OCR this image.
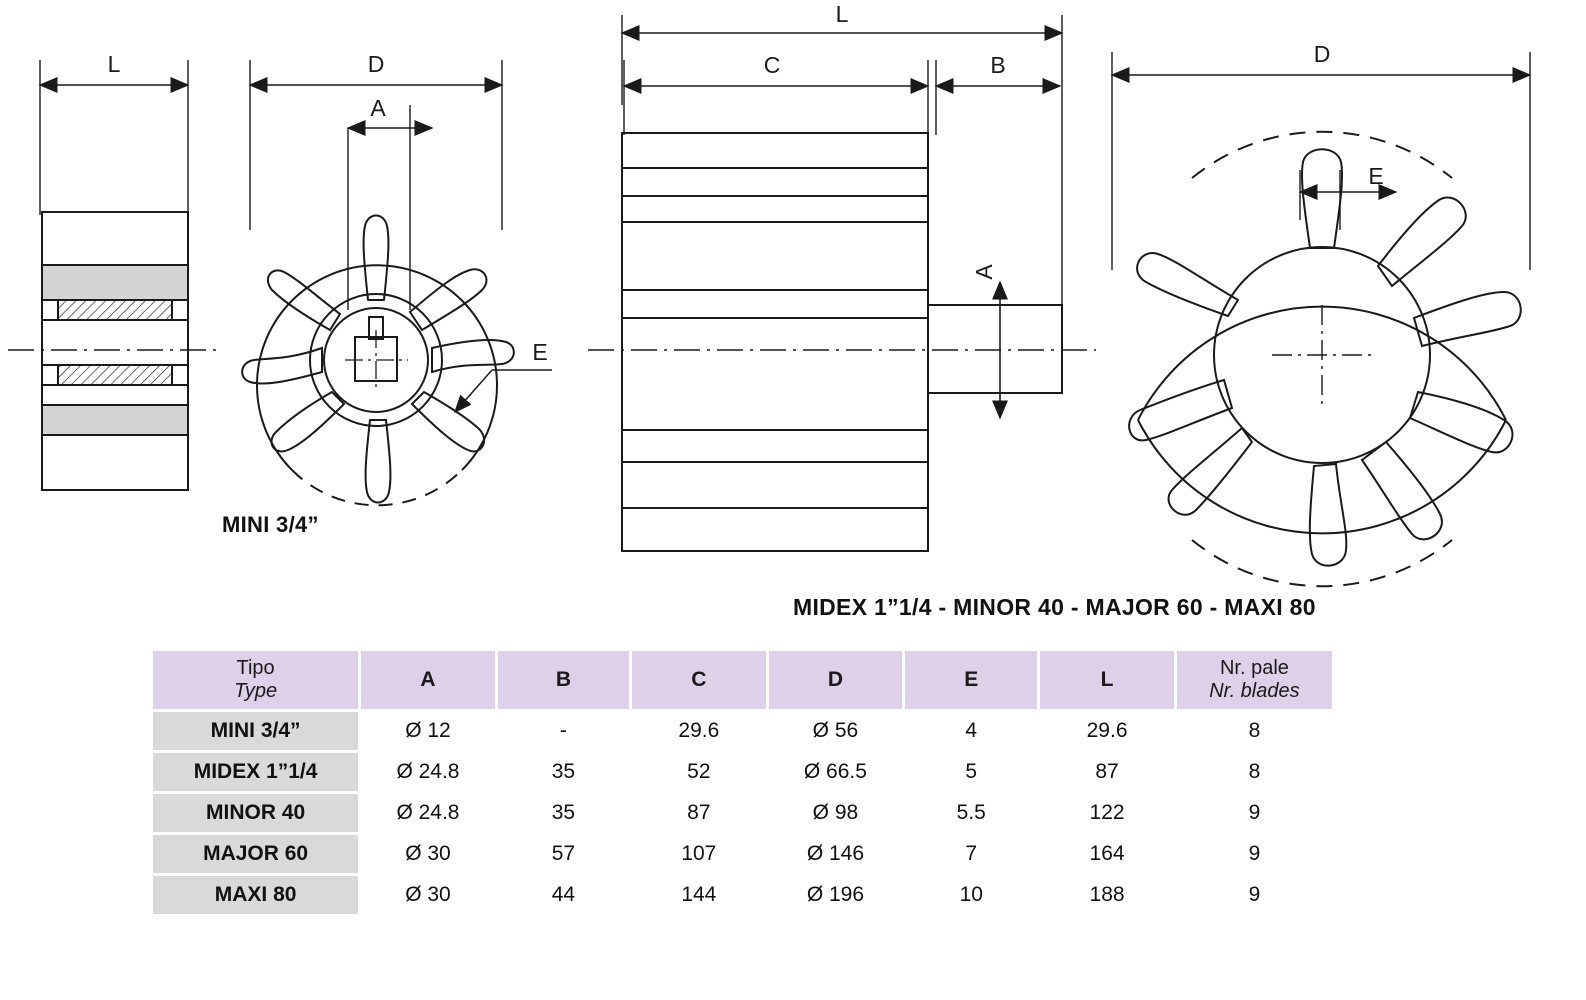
L	D
A
E
L
C	B
A
D
E
MINI 3/4”
MIDEX 1”1/4 - MINOR 40 - MAJOR 60 - MAXI 80
Tipo
Type	A	B	C	D	E	L	Nr. pale
Nr. blades

MINI 3/4”	Ø 12	-	29.6	Ø 56	4	29.6	8
MIDEX 1”1/4	Ø 24.8	35	52	Ø 66.5	5	87	8
MINOR 40	Ø 24.8	35	87	Ø 98	5.5	122	9
MAJOR 60	Ø 30	57	107	Ø 146	7	164	9
MAXI 80	Ø 30	44	144	Ø 196	10	188	9
